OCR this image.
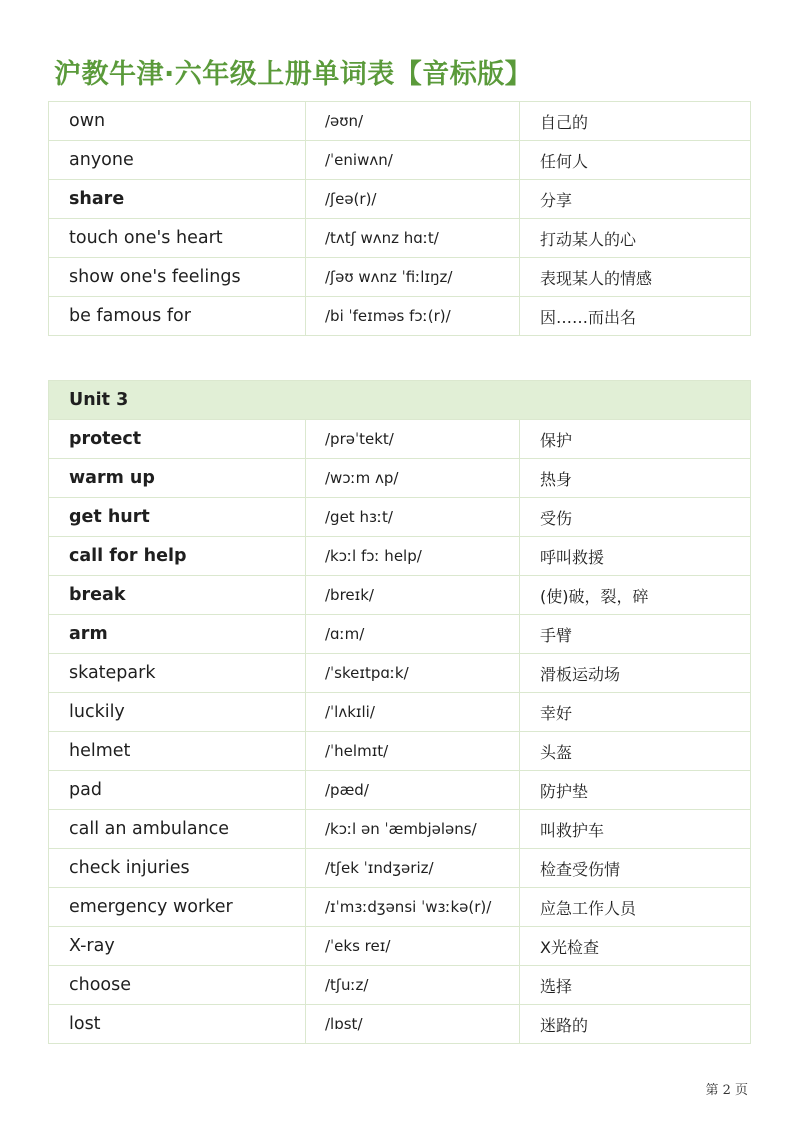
沪教牛津·六年级上册单词表【音标版】
own	/əʊn/	自己的
anyone	/ˈeniwʌn/	任何人
share	/ʃeə(r)/	分享
touch one's heart	/tʌtʃ wʌnz hɑːt/	打动某人的心
show one's feelings	/ʃəʊ wʌnz ˈfiːlɪŋz/	表现某人的情感
be famous for	/bi ˈfeɪməs fɔː(r)/	因……而出名
Unit 3		
protect	/prəˈtekt/	保护
warm up	/wɔːm ʌp/	热身
get hurt	/get hɜːt/	受伤
call for help	/kɔːl fɔː help/	呼叫救援
break	/breɪk/	(使)破，裂，碎
arm	/ɑːm/	手臂
skatepark	/ˈskeɪtpɑːk/	滑板运动场
luckily	/ˈlʌkɪli/	幸好
helmet	/ˈhelmɪt/	头盔
pad	/pæd/	防护垫
call an ambulance	/kɔːl ən ˈæmbjələns/	叫救护车
check injuries	/tʃek ˈɪndʒəriz/	检查受伤情
emergency worker	/ɪˈmɜːdʒənsi ˈwɜːkə(r)/	应急工作人员
X-ray	/ˈeks reɪ/	X光检查
choose	/tʃuːz/	选择
lost	/lɒst/	迷路的
第 2 页
